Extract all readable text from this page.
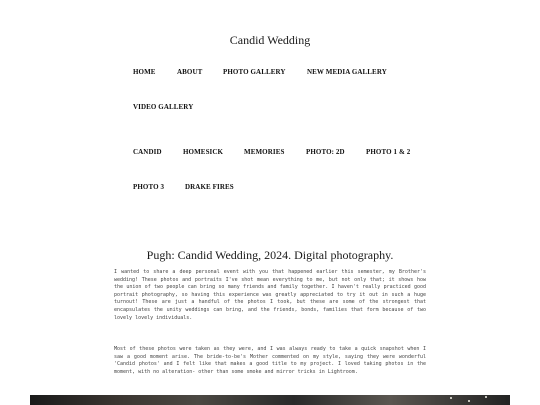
Candid Wedding
HOME	ABOUT	PHOTO GALLERY	NEW MEDIA GALLERY
VIDEO GALLERY
CANDID	HOMESICK	MEMORIES	PHOTO: 2D	PHOTO 1 & 2
PHOTO 3	DRAKE FIRES
Pugh: Candid Wedding, 2024. Digital photography.

I wanted to share a deep personal event with you that happened earlier this semester, my Brother's wedding! These photos and portraits I've shot mean everything to me, but not only that; it shows how the union of two people can bring so many friends and family together. I haven't really practiced good portrait photography, so having this experience was greatly appreciated to try it out in such a huge turnout! These are just a handful of the photos I took, but these are some of the strongest that encapsulates the unity weddings can bring, and the friends, bonds, families that form because of two lovely lovely individuals.

Most of these photos were taken as they were, and I was always ready to take a quick snapshot when I saw a good moment arise. The bride-to-be's Mother commented on my style, saying they were wonderful 'Candid photos' and I felt like that makes a good title to my project. I loved taking photos in the moment, with no alteration- other than some smoke and mirror tricks in Lightroom.
